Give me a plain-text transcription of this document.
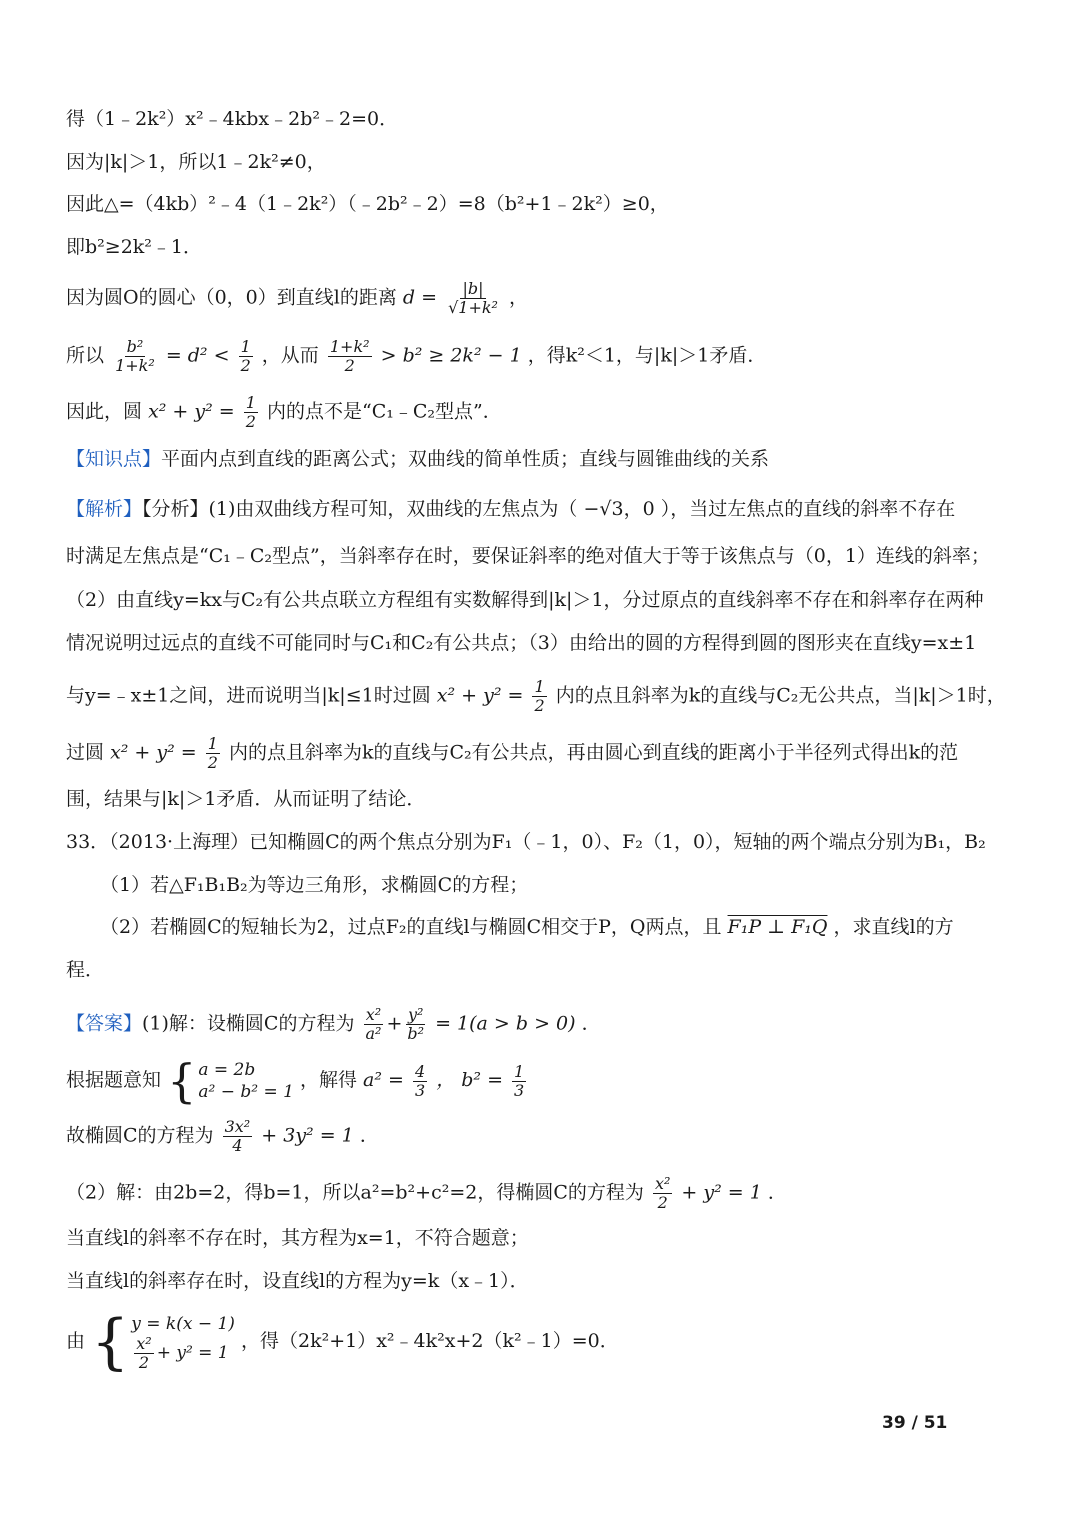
得（1﹣2k²）x²﹣4kbx﹣2b²﹣2=0．
因为|k|＞1，所以1﹣2k²≠0，
因此△=（4kb）²﹣4（1﹣2k²）（﹣2b²﹣2）=8（b²+1﹣2k²）≥0，
即b²≥2k²﹣1．
因为圆O的圆心（0，0）到直线l的距离 $d = \frac{|b|}{\text{√1+k²}}$ ，
所以 $\frac{\text{b²}}{\text{1+k²}} = d^2 < \frac{1}{2}$ ，从而 $\frac{\text{1+k²}}{2} > b^2 \ge 2k^2 - 1$ ，得k²＜1，与|k|＞1矛盾．
因此，圆 $x^2 + y^2 = \frac{1}{2}$ 内的点不是“C₁﹣C₂型点”．
【知识点】平面内点到直线的距离公式；双曲线的简单性质；直线与圆锥曲线的关系
【解析】【分析】(1)由双曲线方程可知，双曲线的左焦点为（ −√3，0 ），当过左焦点的直线的斜率不存在
时满足左焦点是“C₁﹣C₂型点”，当斜率存在时，要保证斜率的绝对值大于等于该焦点与（0，1）连线的斜率；
（2）由直线y=kx与C₂有公共点联立方程组有实数解得到|k|＞1，分过原点的直线斜率不存在和斜率存在两种
情况说明过远点的直线不可能同时与C₁和C₂有公共点；（3）由给出的圆的方程得到圆的图形夹在直线y=x±1
与y=﹣x±1之间，进而说明当|k|≤1时过圆 $x^2 + y^2 = \frac{1}{2}$ 内的点且斜率为k的直线与C₂无公共点，当|k|＞1时，
过圆 $x^2 + y^2 = \frac{1}{2}$ 内的点且斜率为k的直线与C₂有公共点，再由圆心到直线的距离小于半径列式得出k的范
围，结果与|k|＞1矛盾．从而证明了结论．
33．（2013·上海理）已知椭圆C的两个焦点分别为F₁（﹣1，0）、F₂（1，0），短轴的两个端点分别为B₁，B₂
（1）若△F₁B₁B₂为等边三角形，求椭圆C的方程；
（2）若椭圆C的短轴长为2，过点F₂的直线l与椭圆C相交于P，Q两点，且 F₁P ⊥ F₁Q ，求直线l的方
程．
【答案】(1)解：设椭圆C的方程为 $\frac{\text{x²}}{\text{a²}} + \frac{\text{y²}}{\text{b²}} = 1(a > b > 0)$ ．
根据题意知 { a = 2b
a² − b² = 1
，解得 $a^2 = \frac{4}{3}$ ， $b^2 = \frac{1}{3}$
故椭圆C的方程为 $\frac{\text{3x²}}{4} + 3y^2 = 1$ ．
（2）解：由2b=2，得b=1，所以a²=b²+c²=2，得椭圆C的方程为 $\frac{\text{x²}}{2} + y^2 = 1$ ．
当直线l的斜率不存在时，其方程为x=1，不符合题意；
当直线l的斜率存在时，设直线l的方程为y=k（x﹣1）．
由 { y = k(x − 1)
$\frac{\text{x²}}{2} + y^2 = 1$
，得（2k²+1）x²﹣4k²x+2（k²﹣1）=0．
39 / 51
